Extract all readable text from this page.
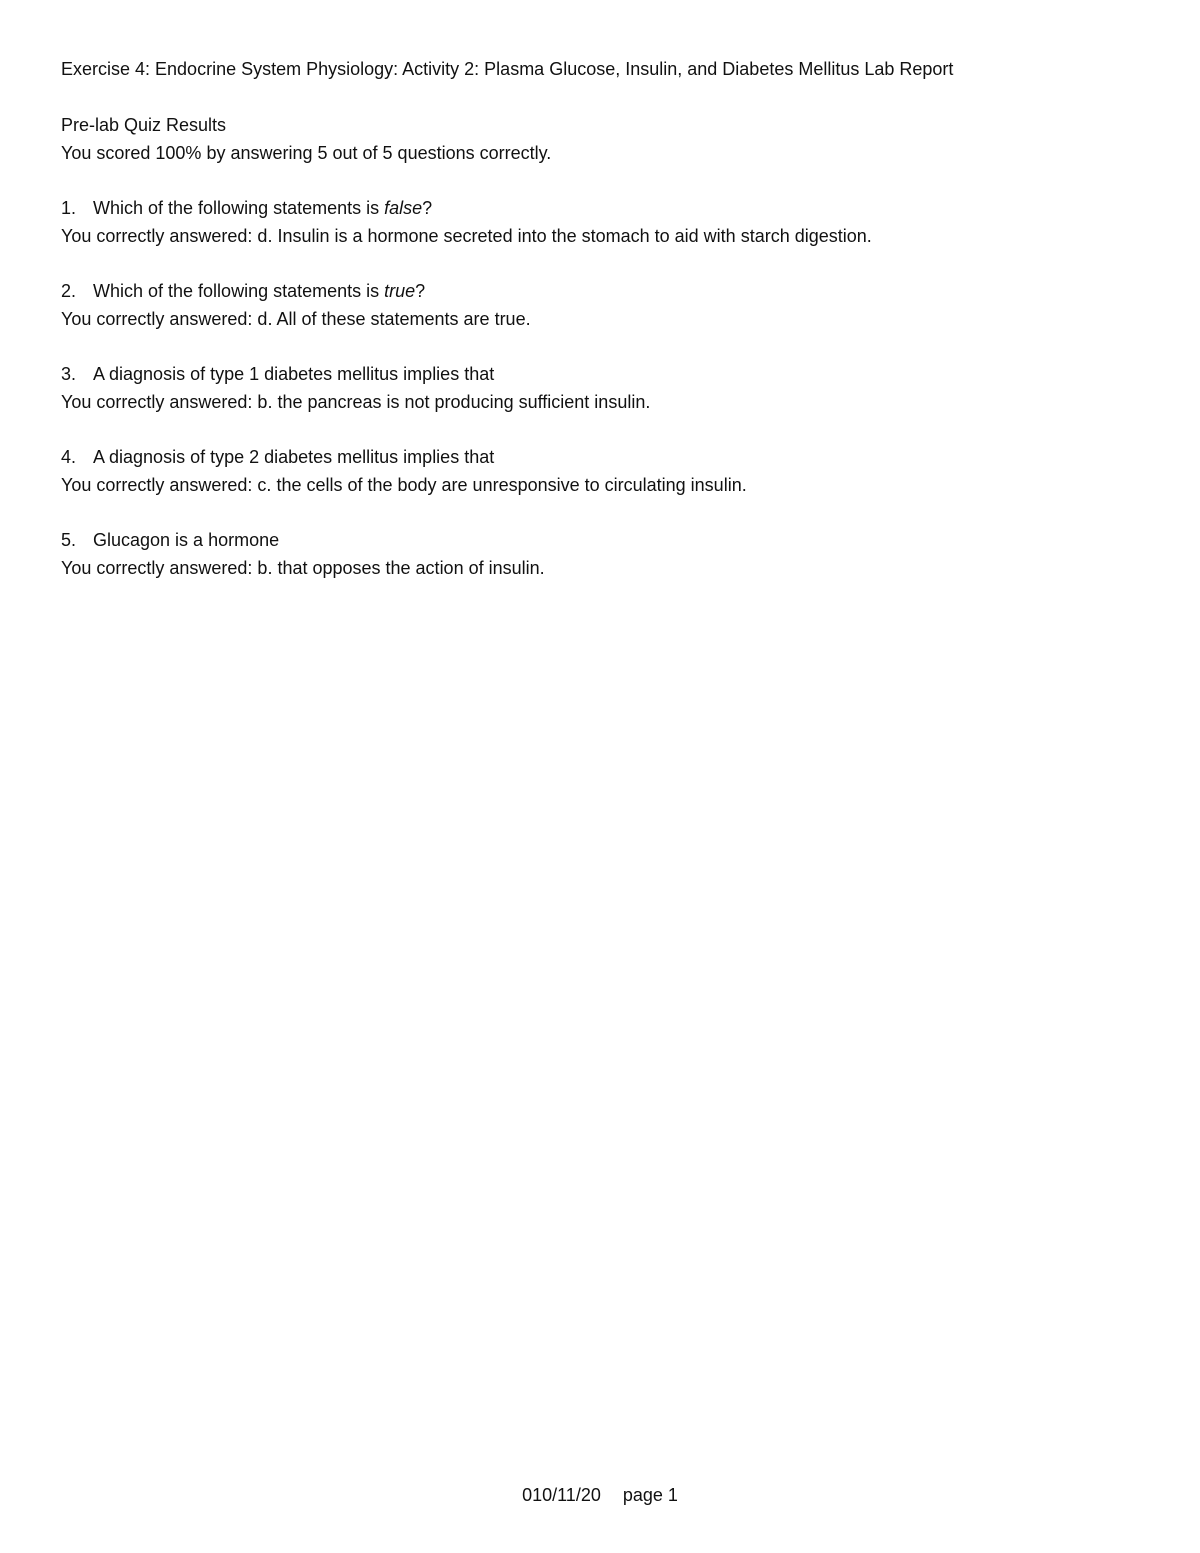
Exercise 4: Endocrine System Physiology: Activity 2: Plasma Glucose, Insulin, and Diabetes Mellitus Lab Report
Pre-lab Quiz Results
You scored 100% by answering 5 out of 5 questions correctly.
1. Which of the following statements is false?
You correctly answered: d. Insulin is a hormone secreted into the stomach to aid with starch digestion.
2. Which of the following statements is true?
You correctly answered: d. All of these statements are true.
3. A diagnosis of type 1 diabetes mellitus implies that
You correctly answered: b. the pancreas is not producing sufficient insulin.
4. A diagnosis of type 2 diabetes mellitus implies that
You correctly answered: c. the cells of the body are unresponsive to circulating insulin.
5. Glucagon is a hormone
You correctly answered: b. that opposes the action of insulin.
010/11/20 page 1
